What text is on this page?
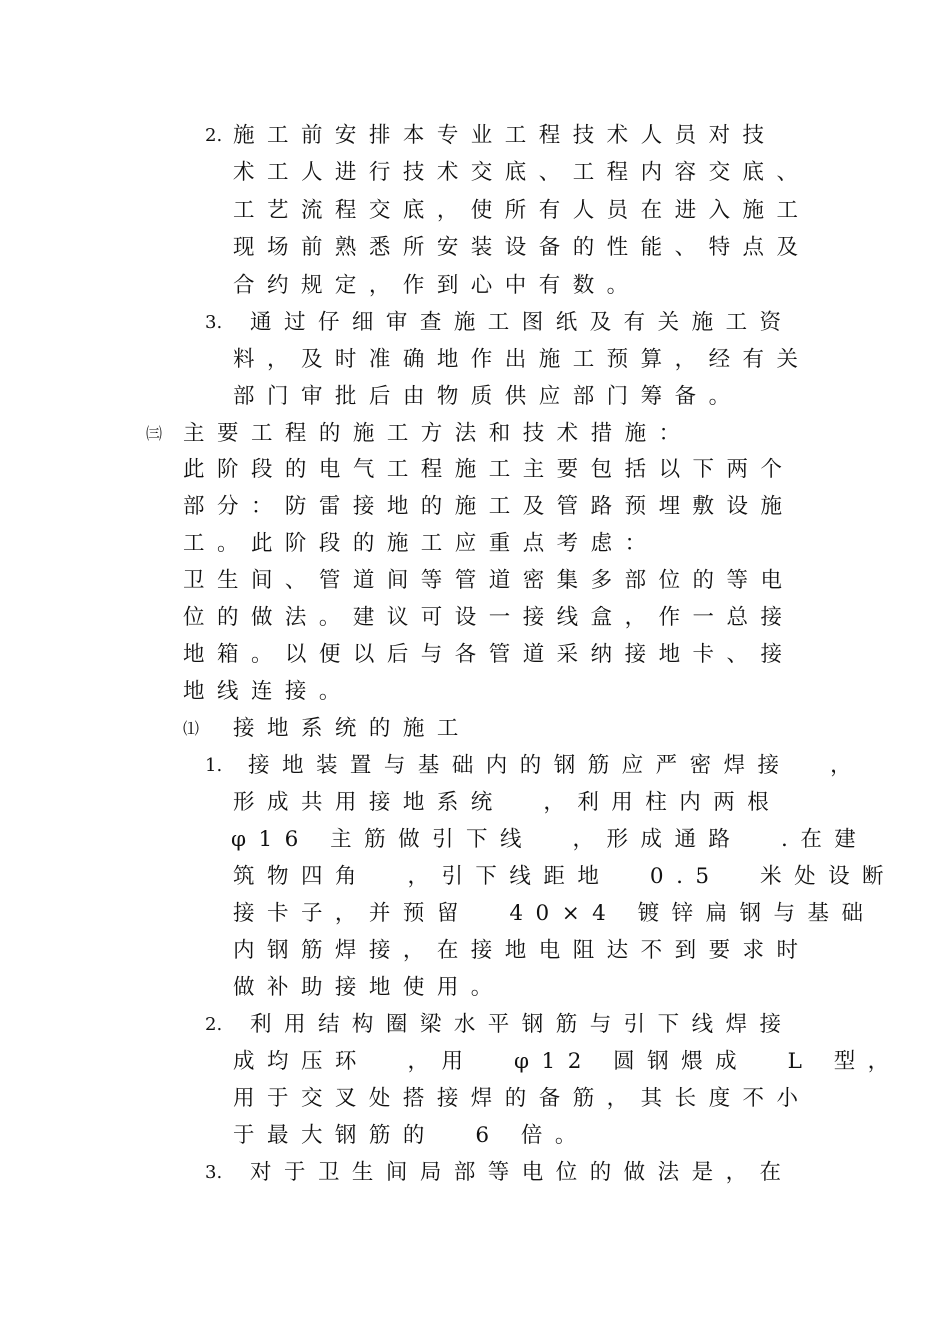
2. 施工前安排本专业工程技术人员对技
术工人进行技术交底、工程内容交底、
工艺流程交底，使所有人员在进入施工
现场前熟悉所安装设备的性能、特点及
合约规定，作到心中有数。
3. 通过仔细审查施工图纸及有关施工资
料，及时准确地作出施工预算，经有关
部门审批后由物质供应部门筹备。
㈢ 主要工程的施工方法和技术措施：
此阶段的电气工程施工主要包括以下两个
部分：防雷接地的施工及管路预埋敷设施
工。此阶段的施工应重点考虑：
卫生间、管道间等管道密集多部位的等电
位的做法。建议可设一接线盒，作一总接
地箱。以便以后与各管道采纳接地卡、接
地线连接。
⑴ 接地系统的施工
1. 接地装置与基础内的钢筋应严密焊接  ，
形成共用接地系统  ，利用柱内两根
φ16 主筋做引下线  ，形成通路  .在建
筑物四角  ，引下线距地  0.5  米处设断
接卡子，并预留  40×4 镀锌扁钢与基础
内钢筋焊接，在接地电阻达不到要求时
做补助接地使用。
2. 利用结构圈梁水平钢筋与引下线焊接
成均压环  ，用  φ12 圆钢煨成  L 型，
用于交叉处搭接焊的备筋，其长度不小
于最大钢筋的  6 倍。
3. 对于卫生间局部等电位的做法是，在
